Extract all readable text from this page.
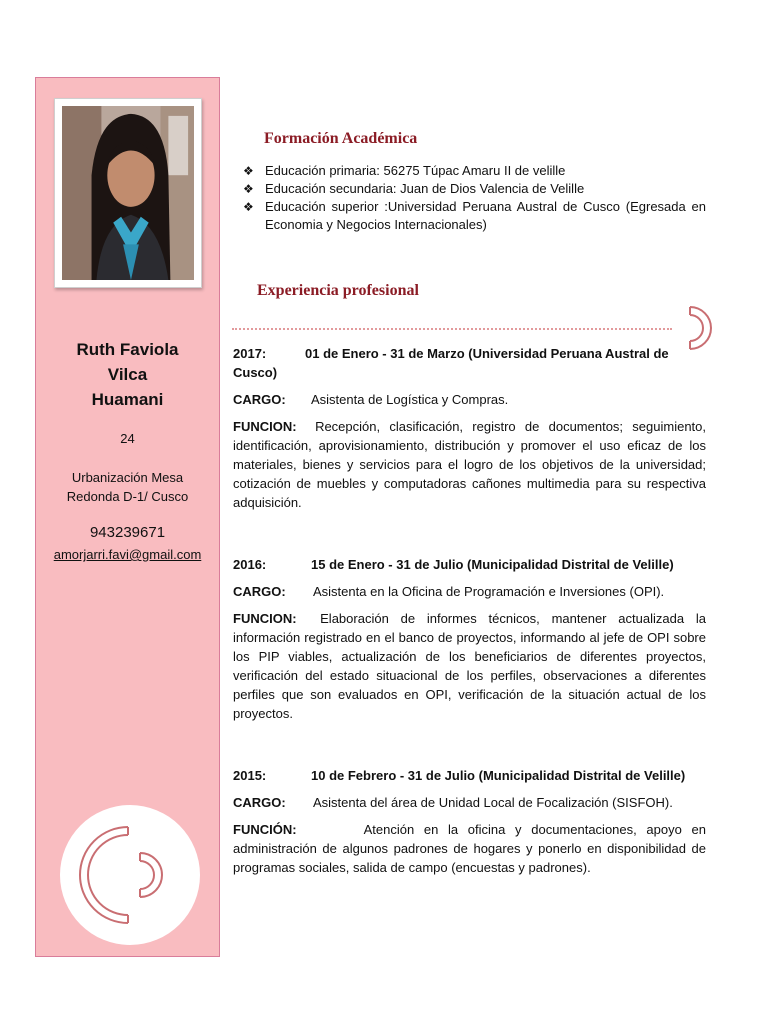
Ruth Faviola
Vilca
Huamani
24
Urbanización Mesa
Redonda D-1/ Cusco
943239671
amorjarri.favi@gmail.com
Formación Académica
❖ Educación primaria: 56275 Túpac Amaru II de velille
❖ Educación secundaria: Juan de Dios Valencia de Velille
❖ Educación superior :Universidad Peruana Austral de Cusco (Egresada en Economia y Negocios Internacionales)
Experiencia profesional

2017:	01 de Enero - 31 de Marzo (Universidad Peruana Austral de Cusco)

CARGO: Asistenta de Logística y Compras.

FUNCION: Recepción, clasificación, registro de documentos; seguimiento, identificación, aprovisionamiento, distribución y promover el uso eficaz de los materiales, bienes y servicios para el logro de los objetivos de la universidad; cotización de muebles y computadoras cañones multimedia para su respectiva adquisición.

2016:	15 de Enero - 31 de Julio (Municipalidad Distrital de Velille)

CARGO: Asistenta en la Oficina de Programación e Inversiones (OPI).

FUNCION: Elaboración de informes técnicos, mantener actualizada la información registrado en el banco de proyectos, informando al jefe de OPI sobre los PIP viables, actualización de los beneficiarios de diferentes proyectos, verificación del estado situacional de los perfiles, observaciones a diferentes perfiles que son evaluados en OPI, verificación de la situación actual de los proyectos.

2015:	10 de Febrero - 31 de Julio (Municipalidad Distrital de Velille)

CARGO: Asistenta del área de Unidad Local de Focalización (SISFOH).

FUNCIÓN:	Atención en la oficina y documentaciones, apoyo en administración de algunos padrones de hogares y ponerlo en disponibilidad de programas sociales, salida de campo (encuestas y padrones).
